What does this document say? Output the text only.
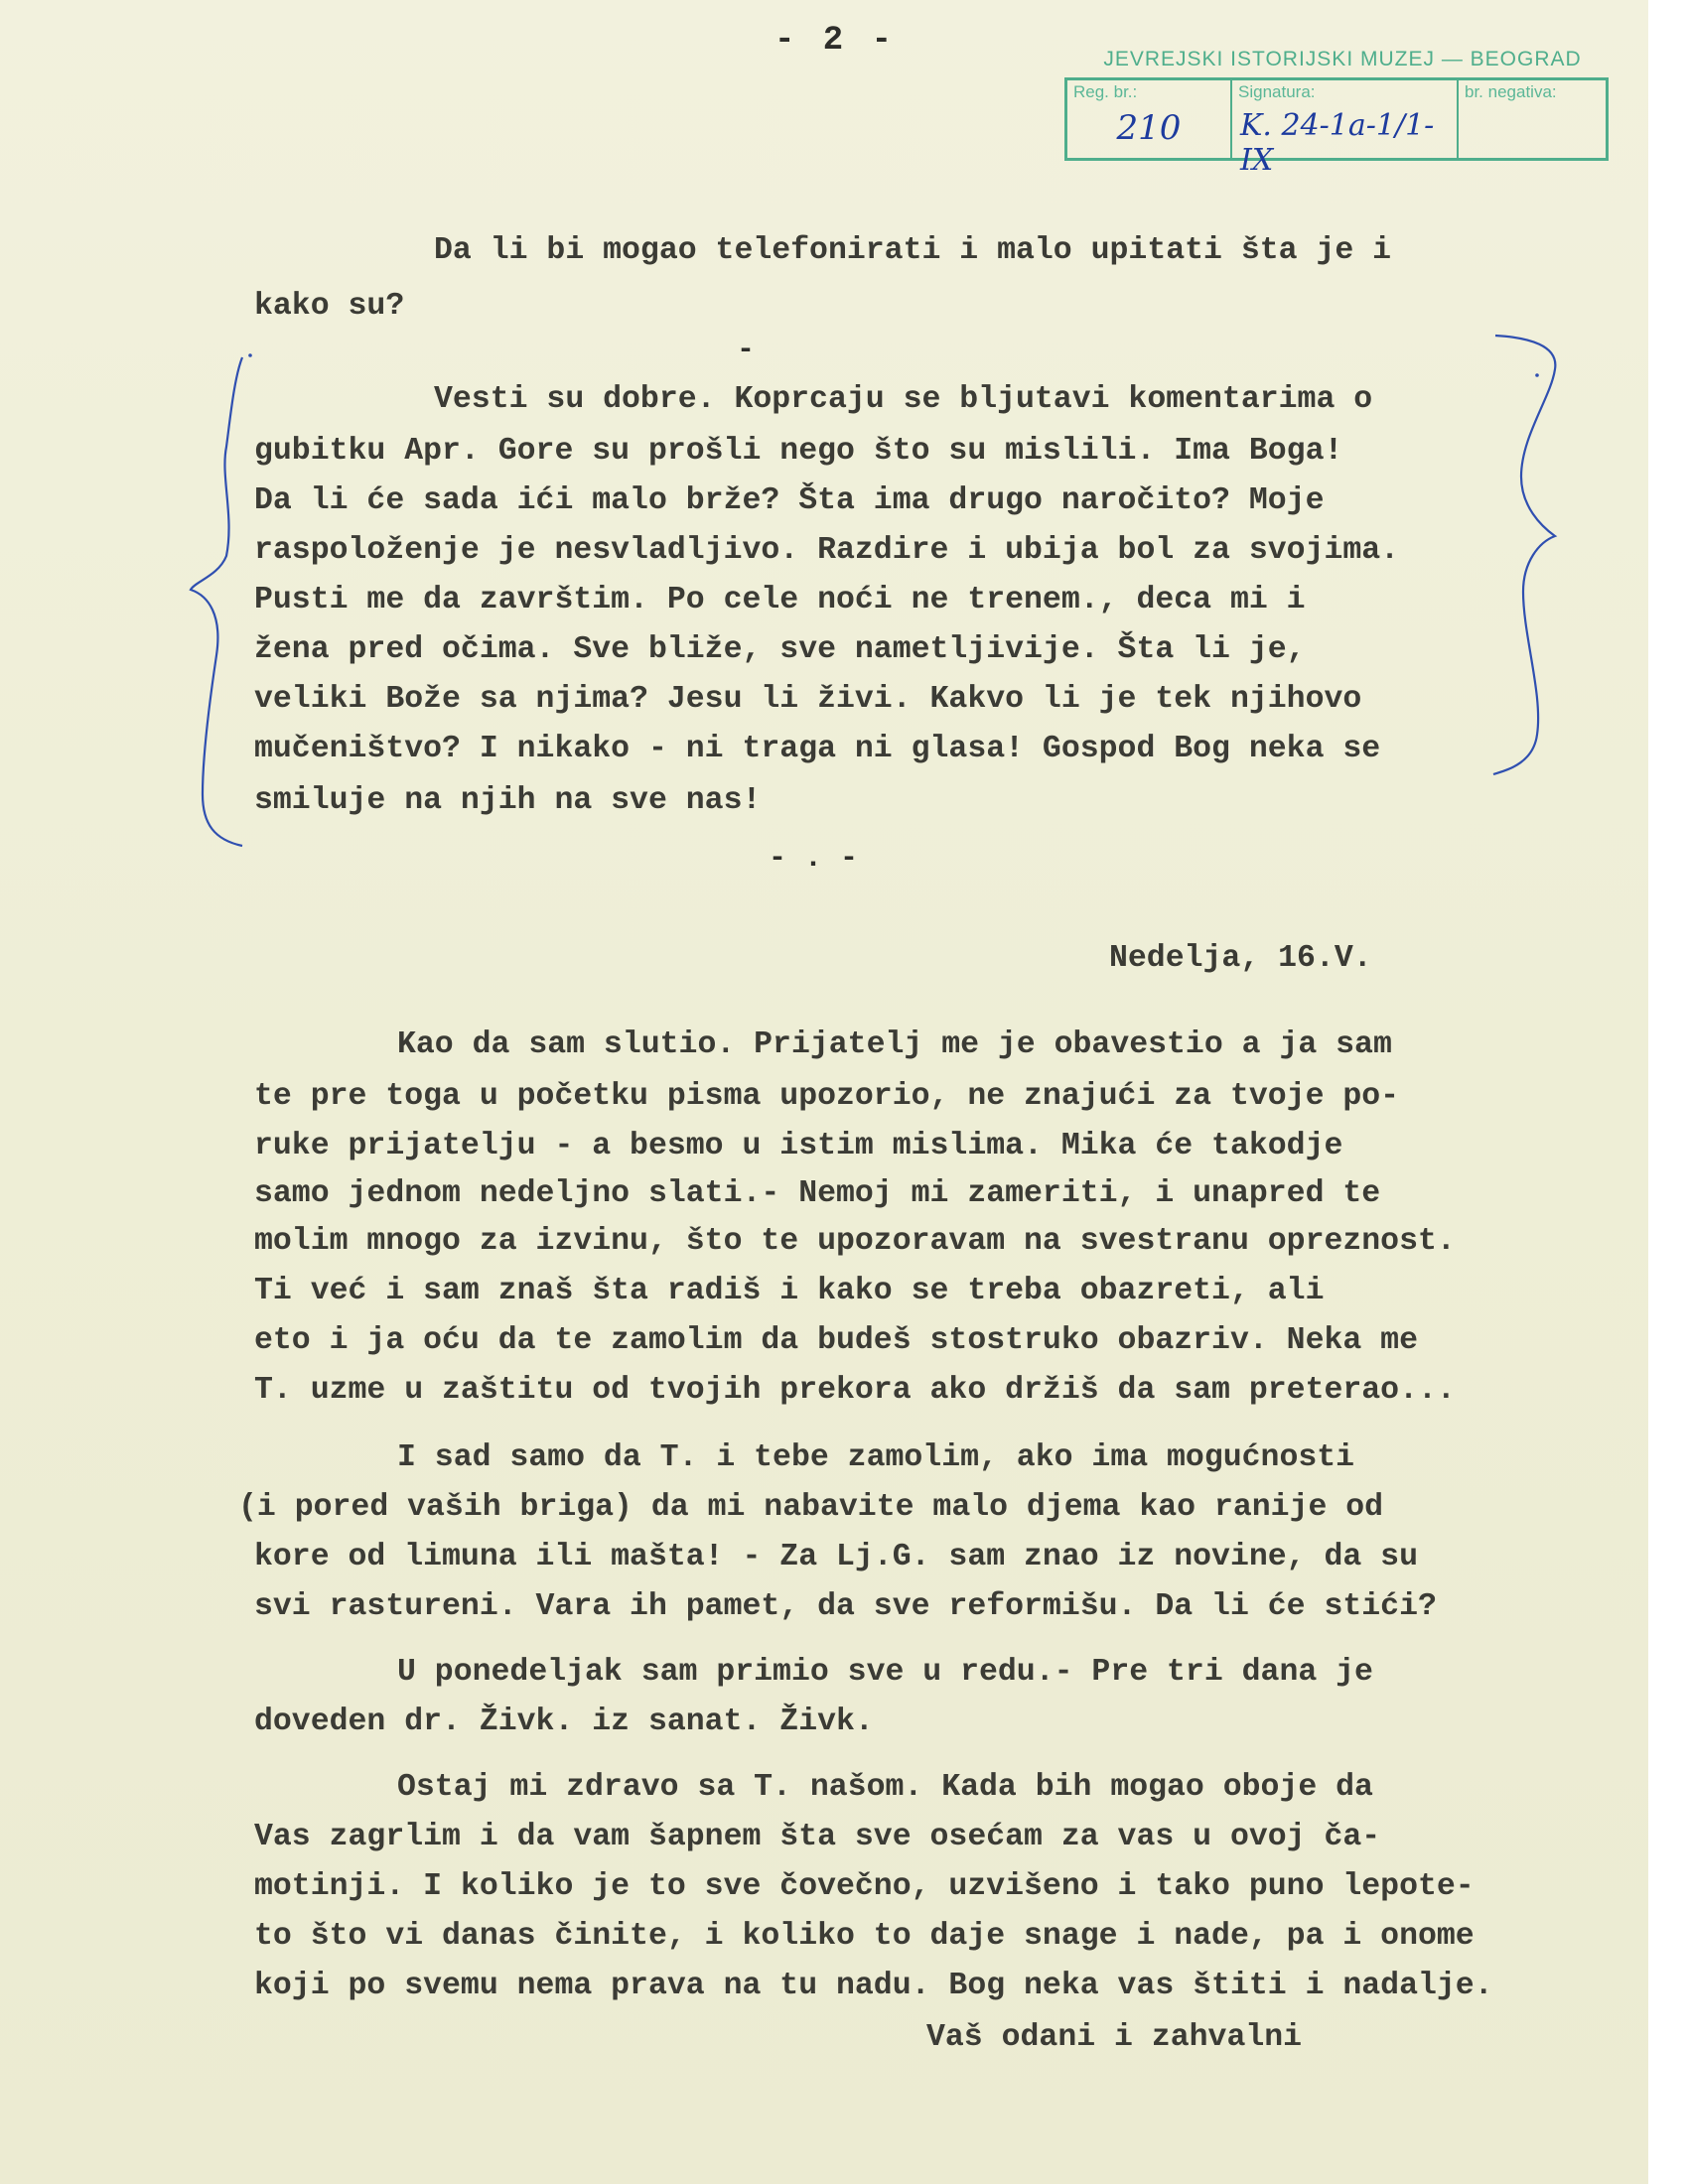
- 2 -	JEVREJSKI ISTORIJSKI MUZEJ — BEOGRAD
Reg. br.:
210
Signatura:
K. 24-1a-1/1-IX
br. negativa:
Da li bi mogao telefonirati i malo upitati šta je i
kako su?
-
Vesti su dobre. Koprcaju se bljutavi komentarima o
gubitku Apr. Gore su prošli nego što su mislili. Ima Boga!
Da li će sada ići malo brže? Šta ima drugo naročito? Moje
raspoloženje je nesvladljivo. Razdire i ubija bol za svojima.
Pusti me da završtim. Po cele noći ne trenem., deca mi i
žena pred očima. Sve bliže, sve nametljivije. Šta li je,
veliki Bože sa njima? Jesu li živi. Kakvo li je tek njihovo
mučeništvo? I nikako - ni traga ni glasa! Gospod Bog neka se
smiluje na njih na sve nas!
- . -
Nedelja, 16.V.
Kao da sam slutio. Prijatelj me je obavestio a ja sam
te pre toga u početku pisma upozorio, ne znajući za tvoje po-
ruke prijatelju - a besmo u istim mislima. Mika će takodje
samo jednom nedeljno slati.- Nemoj mi zameriti, i unapred te
molim mnogo za izvinu, što te upozoravam na svestranu opreznost.
Ti već i sam znaš šta radiš i kako se treba obazreti, ali
eto i ja oću da te zamolim da budeš stostruko obazriv. Neka me
T. uzme u zaštitu od tvojih prekora ako držiš da sam preterao...
I sad samo da T. i tebe zamolim, ako ima mogućnosti
(i pored vaših briga) da mi nabavite malo djema kao ranije od
kore od limuna ili mašta! - Za Lj.G. sam znao iz novine, da su
svi rastureni. Vara ih pamet, da sve reformišu. Da li će stići?
U ponedeljak sam primio sve u redu.- Pre tri dana je
doveden dr. Živk. iz sanat. Živk.
Ostaj mi zdravo sa T. našom. Kada bih mogao oboje da
Vas zagrlim i da vam šapnem šta sve osećam za vas u ovoj ča-
motinji. I koliko je to sve čovečno, uzvišeno i tako puno lepote-
to što vi danas činite, i koliko to daje snage i nade, pa i onome
koji po svemu nema prava na tu nadu. Bog neka vas štiti i nadalje.
Vaš odani i zahvalni
